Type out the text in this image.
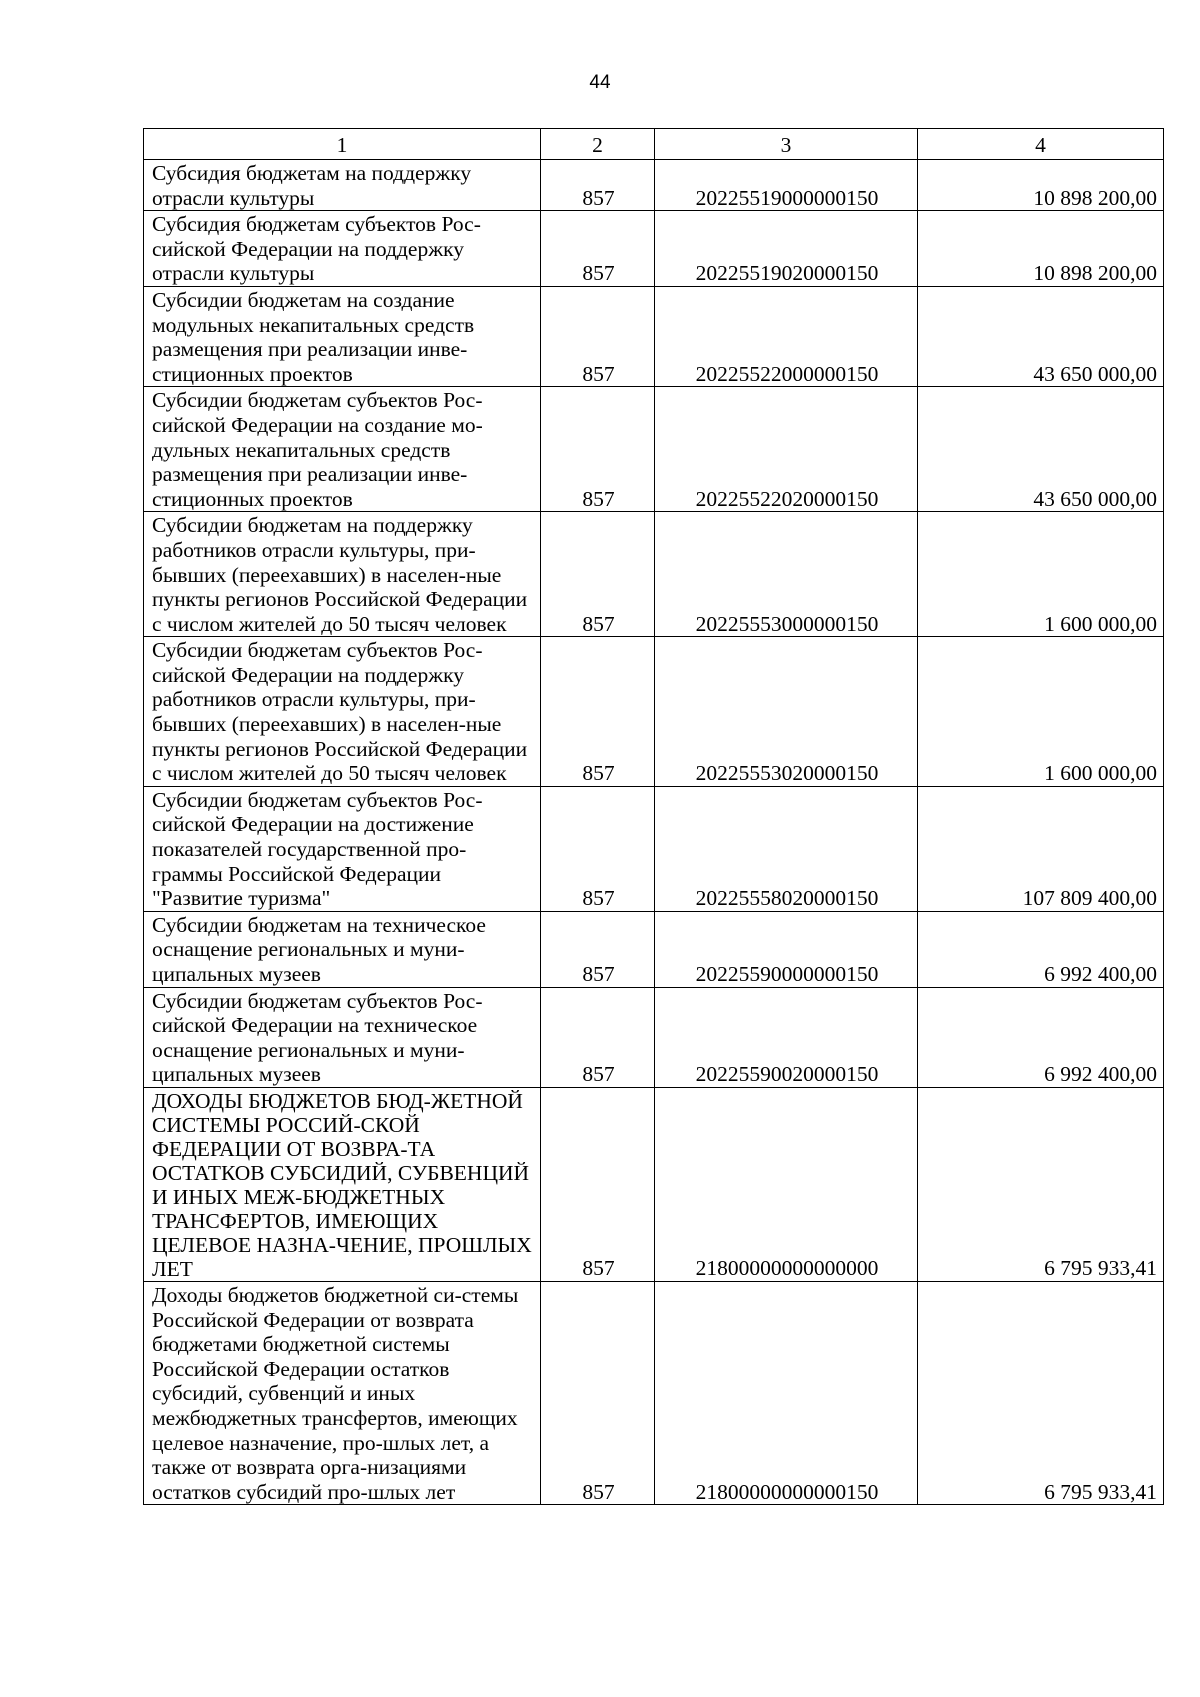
44
1	2	3	4
Субсидия бюджетам на поддержку отрасли культуры	857	20225519000000150	10 898 200,00
Субсидия бюджетам субъектов Рос-сийской Федерации на поддержку отрасли культуры	857	20225519020000150	10 898 200,00
Субсидии бюджетам на создание модульных некапитальных средств размещения при реализации инве-стиционных проектов	857	20225522000000150	43 650 000,00
Субсидии бюджетам субъектов Рос-сийской Федерации на создание мо-дульных некапитальных средств размещения при реализации инве-стиционных проектов	857	20225522020000150	43 650 000,00
Субсидии бюджетам на поддержку работников отрасли культуры, при-бывших (переехавших) в населен-ные пункты регионов Российской Федерации с числом жителей до 50 тысяч человек	857	20225553000000150	1 600 000,00
Субсидии бюджетам субъектов Рос-сийской Федерации на поддержку работников отрасли культуры, при-бывших (переехавших) в населен-ные пункты регионов Российской Федерации с числом жителей до 50 тысяч человек	857	20225553020000150	1 600 000,00
Субсидии бюджетам субъектов Рос-сийской Федерации на достижение показателей государственной про-граммы Российской Федерации "Развитие туризма"	857	20225558020000150	107 809 400,00
Субсидии бюджетам на техническое оснащение региональных и муни-ципальных музеев	857	20225590000000150	6 992 400,00
Субсидии бюджетам субъектов Рос-сийской Федерации на техническое оснащение региональных и муни-ципальных музеев	857	20225590020000150	6 992 400,00
ДОХОДЫ БЮДЖЕТОВ БЮД-ЖЕТНОЙ СИСТЕМЫ РОССИЙ-СКОЙ ФЕДЕРАЦИИ ОТ ВОЗВРА-ТА ОСТАТКОВ СУБСИДИЙ, СУБВЕНЦИЙ И ИНЫХ МЕЖ-БЮДЖЕТНЫХ ТРАНСФЕРТОВ, ИМЕЮЩИХ ЦЕЛЕВОЕ НАЗНА-ЧЕНИЕ, ПРОШЛЫХ ЛЕТ	857	21800000000000000	6 795 933,41
Доходы бюджетов бюджетной си-стемы Российской Федерации от возврата бюджетами бюджетной системы Российской Федерации остатков субсидий, субвенций и иных межбюджетных трансфертов, имеющих целевое назначение, про-шлых лет, а также от возврата орга-низациями остатков субсидий про-шлых лет	857	21800000000000150	6 795 933,41
